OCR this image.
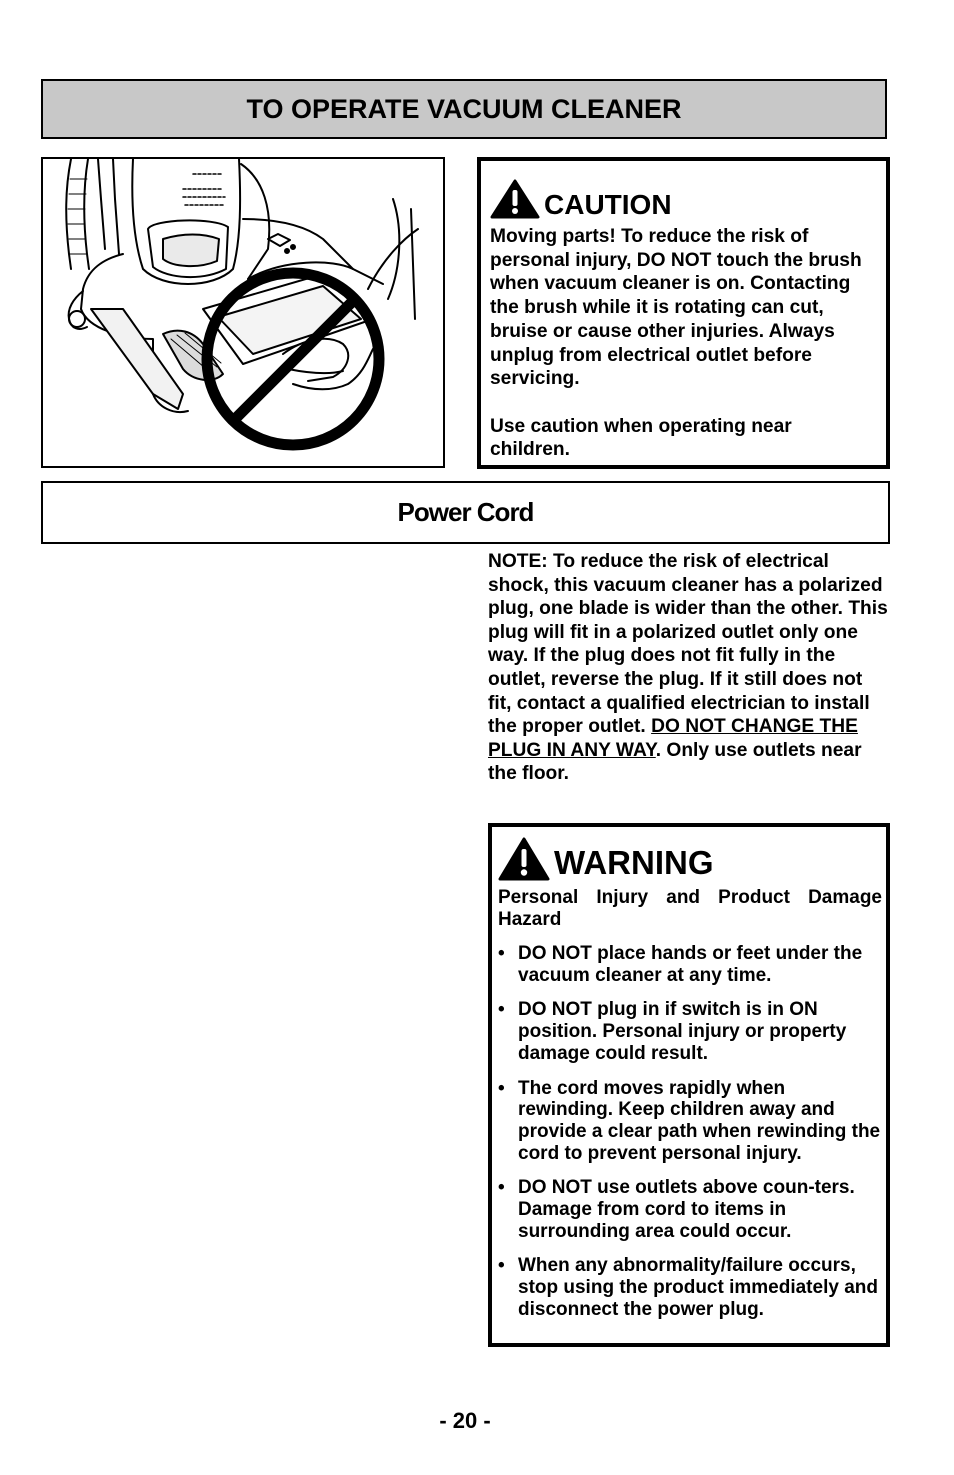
TO OPERATE VACUUM CLEANER
CAUTION

Moving parts! To reduce the risk of personal injury, DO NOT touch the brush when vacuum cleaner is on. Contacting the brush while it is rotating can cut, bruise or cause other injuries. Always unplug from electrical outlet before servicing.

Use caution when operating near children.

Power Cord
NOTE: To reduce the risk of electrical shock, this vacuum cleaner has a polarized plug, one blade is wider than the other. This plug will fit in a polarized outlet only one way. If the plug does not fit fully in the outlet, reverse the plug. If it still does not fit, contact a qualified electrician to install the proper outlet. DO NOT CHANGE THE PLUG IN ANY WAY. Only use outlets near the floor.
WARNING
Personal Injury and Product Damage Hazard
• DO NOT place hands or feet under the vacuum cleaner at any time.
• DO NOT plug in if switch is in ON position. Personal injury or property damage could result.
• The cord moves rapidly when rewinding. Keep children away and provide a clear path when rewinding the cord to prevent personal injury.
• DO NOT use outlets above coun-ters. Damage from cord to items in surrounding area could occur.
• When any abnormality/failure occurs, stop using the product immediately and disconnect the power plug.
- 20 -
